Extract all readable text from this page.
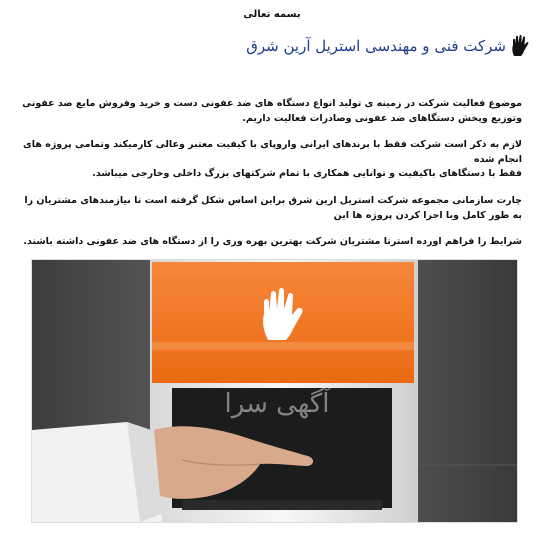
بسمه تعالی
شرکت فنی و مهندسی استریل آرین شرق
موضوع فعالیت شرکت در زمینه ی تولید انواع دستگاه های ضد عفونی دست و خرید وفروش مایع ضد عفونی وتوزیع وپخش دستگاهای ضد عفونی وصادرات فعالیت داریم.
لازم به ذکر است شرکت فقط با برندهای ایرانی واروپای با کیفیت معتبر وعالی کارمیکند وتمامی پروژه های انجام شده
فقط با دستگاهای باکیفیت و توانایی همکاری با تمام شرکتهای بزرگ داخلی وخارجی میباشد.
چارت سازمانی مجموعه شرکت استریل ارین شرق براین اساس شکل گرفته است تا نیازمندهای مشتریان را به طور کامل وبا اجرا کردن پروژه ها این
شرایط را فراهم اورده استرتا مشتریان شرکت بهترین بهره وری را از دستگاه های ضد عفونی داشته باشند.
آگهی سرا
